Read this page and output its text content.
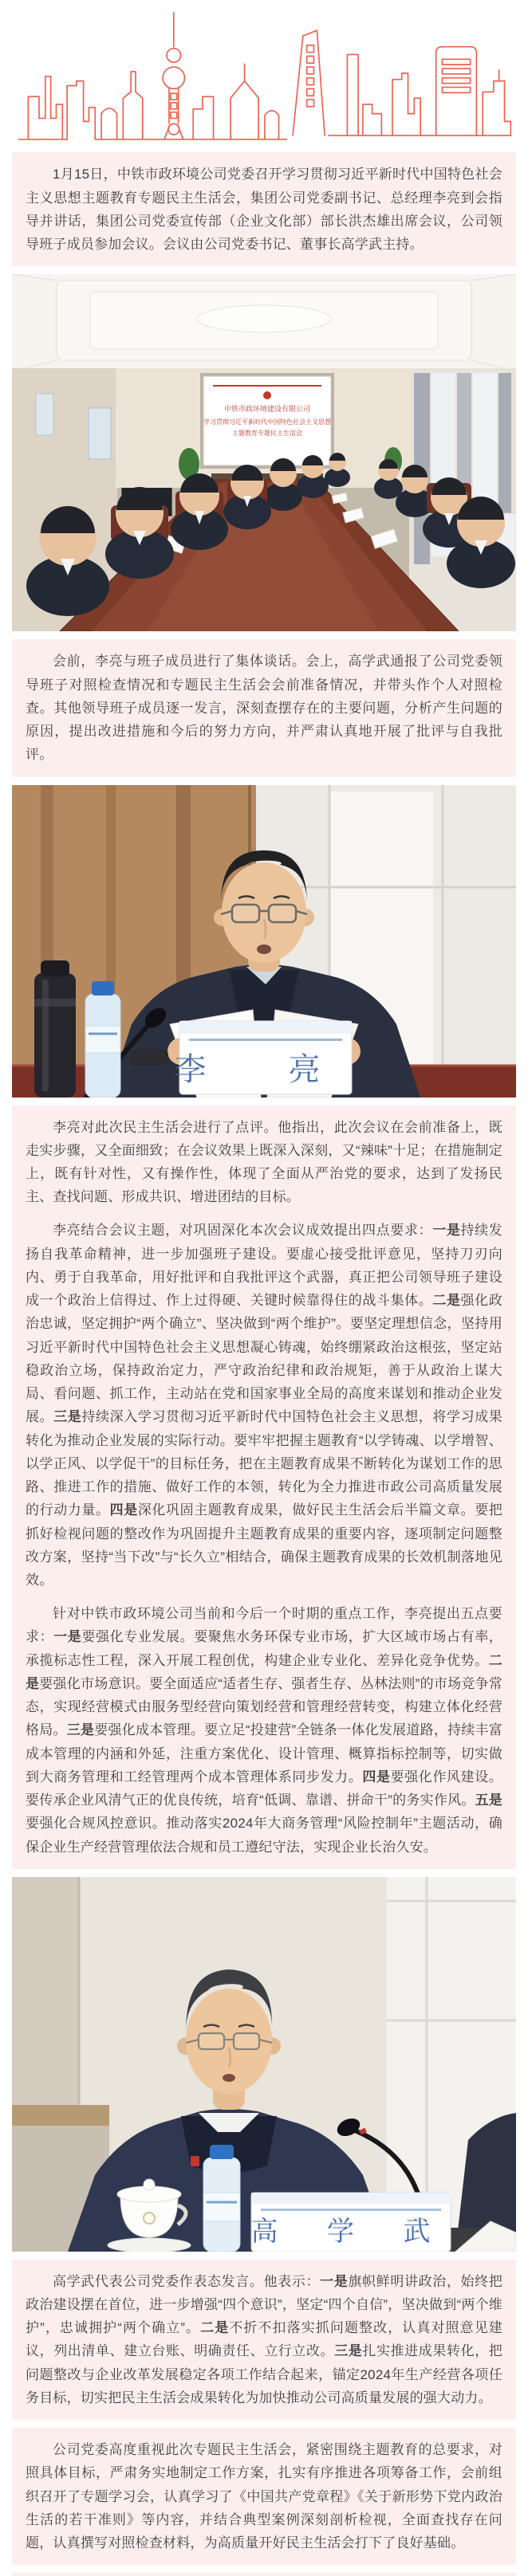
1月15日，中铁市政环境公司党委召开学习贯彻习近平新时代中国特色社会主义思想主题教育专题民主生活会，集团公司党委副书记、总经理李亮到会指导并讲话，集团公司党委宣传部（企业文化部）部长洪杰雄出席会议，公司领导班子成员参加会议。会议由公司党委书记、董事长高学武主持。

中铁市政环境建设有限公司
学习贯彻习近平新时代中国特色社会主义思想
主题教育专题民主生活会

会前，李亮与班子成员进行了集体谈话。会上，高学武通报了公司党委领导班子对照检查情况和专题民主生活会会前准备情况，并带头作个人对照检查。其他领导班子成员逐一发言，深刻查摆存在的主要问题，分析产生问题的原因，提出改进措施和今后的努力方向，并严肃认真地开展了批评与自我批评。

李 亮

李亮对此次民主生活会进行了点评。他指出，此次会议在会前准备上，既走实步骤，又全面细致；在会议效果上既深入深刻，又“辣味”十足；在措施制定上，既有针对性，又有操作性，体现了全面从严治党的要求，达到了发扬民主、查找问题、形成共识、增进团结的目标。

李亮结合会议主题，对巩固深化本次会议成效提出四点要求：一是持续发扬自我革命精神，进一步加强班子建设。要虚心接受批评意见，坚持刀刃向内、勇于自我革命，用好批评和自我批评这个武器，真正把公司领导班子建设成一个政治上信得过、作上过得硬、关键时候靠得住的战斗集体。二是强化政治忠诚，坚定拥护“两个确立”、坚决做到“两个维护”。要坚定理想信念，坚持用习近平新时代中国特色社会主义思想凝心铸魂，始终绷紧政治这根弦，坚定站稳政治立场，保持政治定力，严守政治纪律和政治规矩，善于从政治上谋大局、看问题、抓工作，主动站在党和国家事业全局的高度来谋划和推动企业发展。三是持续深入学习贯彻习近平新时代中国特色社会主义思想，将学习成果转化为推动企业发展的实际行动。要牢牢把握主题教育“以学铸魂、以学增智、以学正风、以学促干”的目标任务，把在主题教育成果不断转化为谋划工作的思路、推进工作的措施、做好工作的本领，转化为全力推进市政公司高质量发展的行动力量。四是深化巩固主题教育成果，做好民主生活会后半篇文章。要把抓好检视问题的整改作为巩固提升主题教育成果的重要内容，逐项制定问题整改方案，坚持“当下改”与“长久立”相结合，确保主题教育成果的长效机制落地见效。

针对中铁市政环境公司当前和今后一个时期的重点工作，李亮提出五点要求：一是要强化专业发展。要聚焦水务环保专业市场，扩大区域市场占有率，承揽标志性工程，深入开展工程创优，构建企业专业化、差异化竞争优势。二是要强化市场意识。要全面适应“适者生存、强者生存、丛林法则”的市场竞争常态，实现经营模式由服务型经营向策划经营和管理经营转变，构建立体化经营格局。三是要强化成本管理。要立足“投建营”全链条一体化发展道路，持续丰富成本管理的内涵和外延，注重方案优化、设计管理、概算指标控制等，切实做到大商务管理和工经管理两个成本管理体系同步发力。四是要强化作风建设。要传承企业风清气正的优良传统，培育“低调、靠谱、拼命干”的务实作风。五是要强化合规风控意识。推动落实2024年大商务管理“风险控制年”主题活动，确保企业生产经营管理依法合规和员工遵纪守法，实现企业长治久安。

高 学 武

高学武代表公司党委作表态发言。他表示：一是旗帜鲜明讲政治，始终把政治建设摆在首位，进一步增强“四个意识”，坚定“四个自信”，坚决做到“两个维护”，忠诚拥护“两个确立”。二是不折不扣落实抓问题整改，认真对照意见建议，列出清单、建立台账、明确责任、立行立改。三是扎实推进成果转化，把问题整改与企业改革发展稳定各项工作结合起来，锚定2024年生产经营各项任务目标，切实把民主生活会成果转化为加快推动公司高质量发展的强大动力。

公司党委高度重视此次专题民主生活会，紧密围绕主题教育的总要求，对照具体目标，严肃务实地制定工作方案，扎实有序推进各项筹备工作，会前组织召开了专题学习会，认真学习了《中国共产党章程》《关于新形势下党内政治生活的若干准则》等内容，并结合典型案例深刻剖析检视，全面查找存在问题，认真撰写对照检查材料，为高质量开好民主生活会打下了良好基础。
